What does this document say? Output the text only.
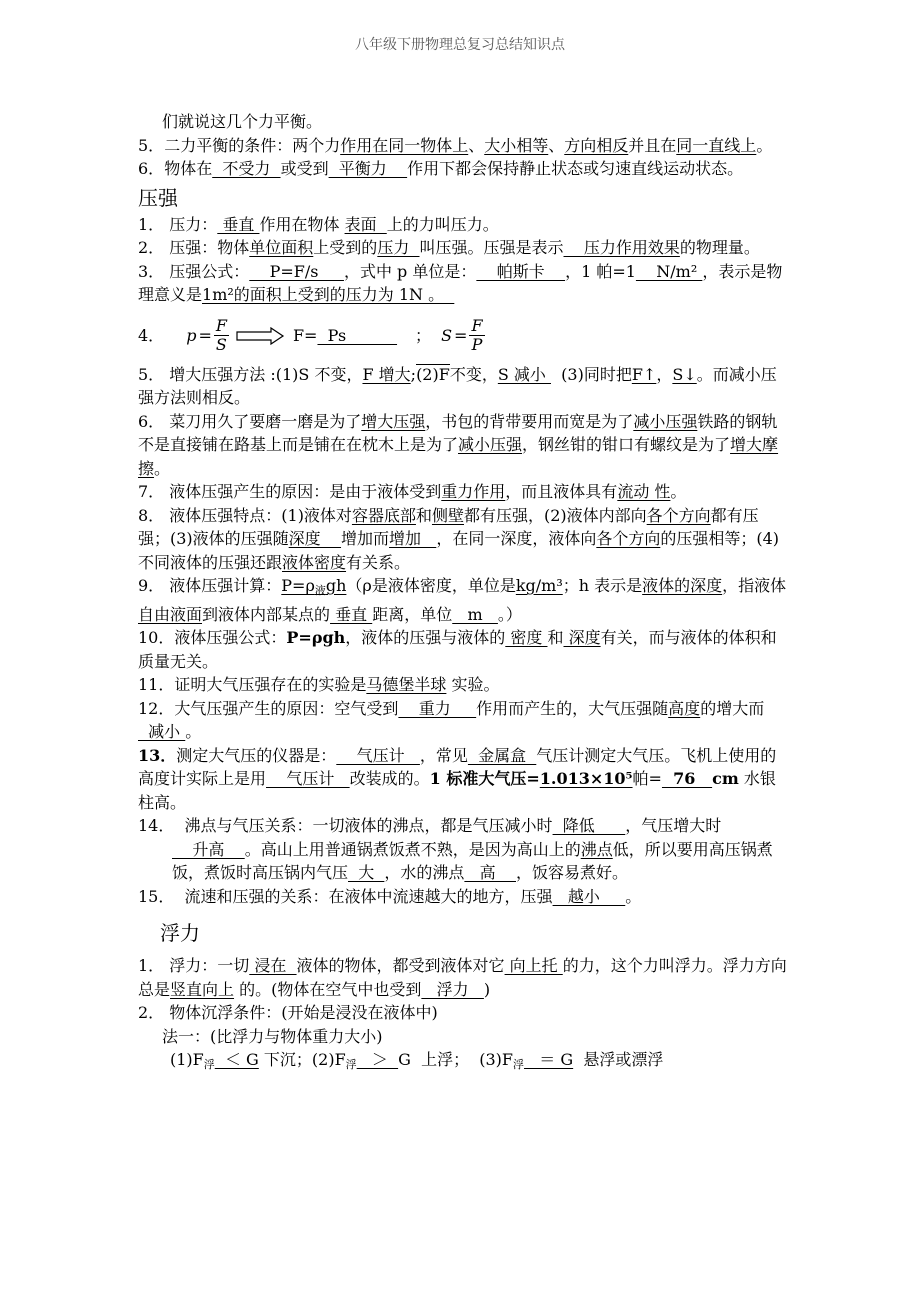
八年级下册物理总复习总结知识点

们就说这几个力平衡。

5．二力平衡的条件：两个力作用在同一物体上、大小相等、方向相反并且在同一直线上。

6．物体在  不受力  或受到  平衡力    作用下都会保持静止状态或匀速直线运动状态。

压强

1． 压力： 垂直 作用在物体 表面  上的力叫压力。

2． 压强：物体单位面积上受到的压力  叫压强。压强是表示    压力作用效果的物理量。

3． 压强公式：    P=F/s     ，式中 p 单位是：    帕斯卡    ，1 帕=1    N/m² ，表示是物理意义是1m²的面积上受到的压力为 1N 。

4． $p = \frac{F}{S}$	F= Ps ； $S = \frac{F}{P}$

5． 增大压强方法 :(1)S 不变，F 增大;(2)F不变，S 减小   (3)同时把F↑，S↓。而减小压强方法则相反。

6． 菜刀用久了要磨一磨是为了增大压强，书包的背带要用而宽是为了减小压强铁路的钢轨不是直接铺在路基上而是铺在在枕木上是为了减小压强，钢丝钳的钳口有螺纹是为了增大摩擦。

7． 液体压强产生的原因：是由于液体受到重力作用，而且液体具有流动 性。

8． 液体压强特点：(1)液体对容器底部和侧壁都有压强，(2)液体内部向各个方向都有压强；(3)液体的压强随深度    增加而增加   ，在同一深度，液体向各个方向的压强相等；(4)不同液体的压强还跟液体密度有关系。

9． 液体压强计算：$P=\rho_液gh(\rho$是液体密度，单位是kg/m³；h 表示是液体的深度，指液体自由液面到液体内部某点的 垂直 距离，单位   m   。）

10．液体压强公式：P=ρgh，液体的压强与液体的 密度 和 深度有关，而与液体的体积和质量无关。

11．证明大气压强存在的实验是马德堡半球 实验。

12．大气压强产生的原因：空气受到    重力     作用而产生的，大气压强随高度的增大而  减小 。

13．测定大气压的仪器是：    气压计   ，常见  金属盒  气压计测定大气压。飞机上使用的高度计实际上是用    气压计   改装成的。1 标准大气压=1.013×10⁵帕=  76   cm 水银柱高。

14．  沸点与气压关系：一切液体的沸点，都是气压减小时  降低      ，气压增大时    升高    。高山上用普通锅煮饭煮不熟，是因为高山上的沸点低，所以要用高压锅煮饭，煮饭时高压锅内气压  大  ，水的沸点   高    ，饭容易煮好。

15．  流速和压强的关系：在液体中流速越大的地方，压强   越小     。

浮力

1． 浮力：一切 浸在  液体的物体，都受到液体对它 向上托 的力，这个力叫浮力。浮力方向总是竖直向上 的。(物体在空气中也受到   浮力   )

2． 物体沉浮条件：(开始是浸没在液体中)

法一：(比浮力与物体重力大小)

$(1)F_浮 < G$ 下沉；$(2)F_浮 > G$  上浮；  $(3)F_浮 = G$  悬浮或漂浮
